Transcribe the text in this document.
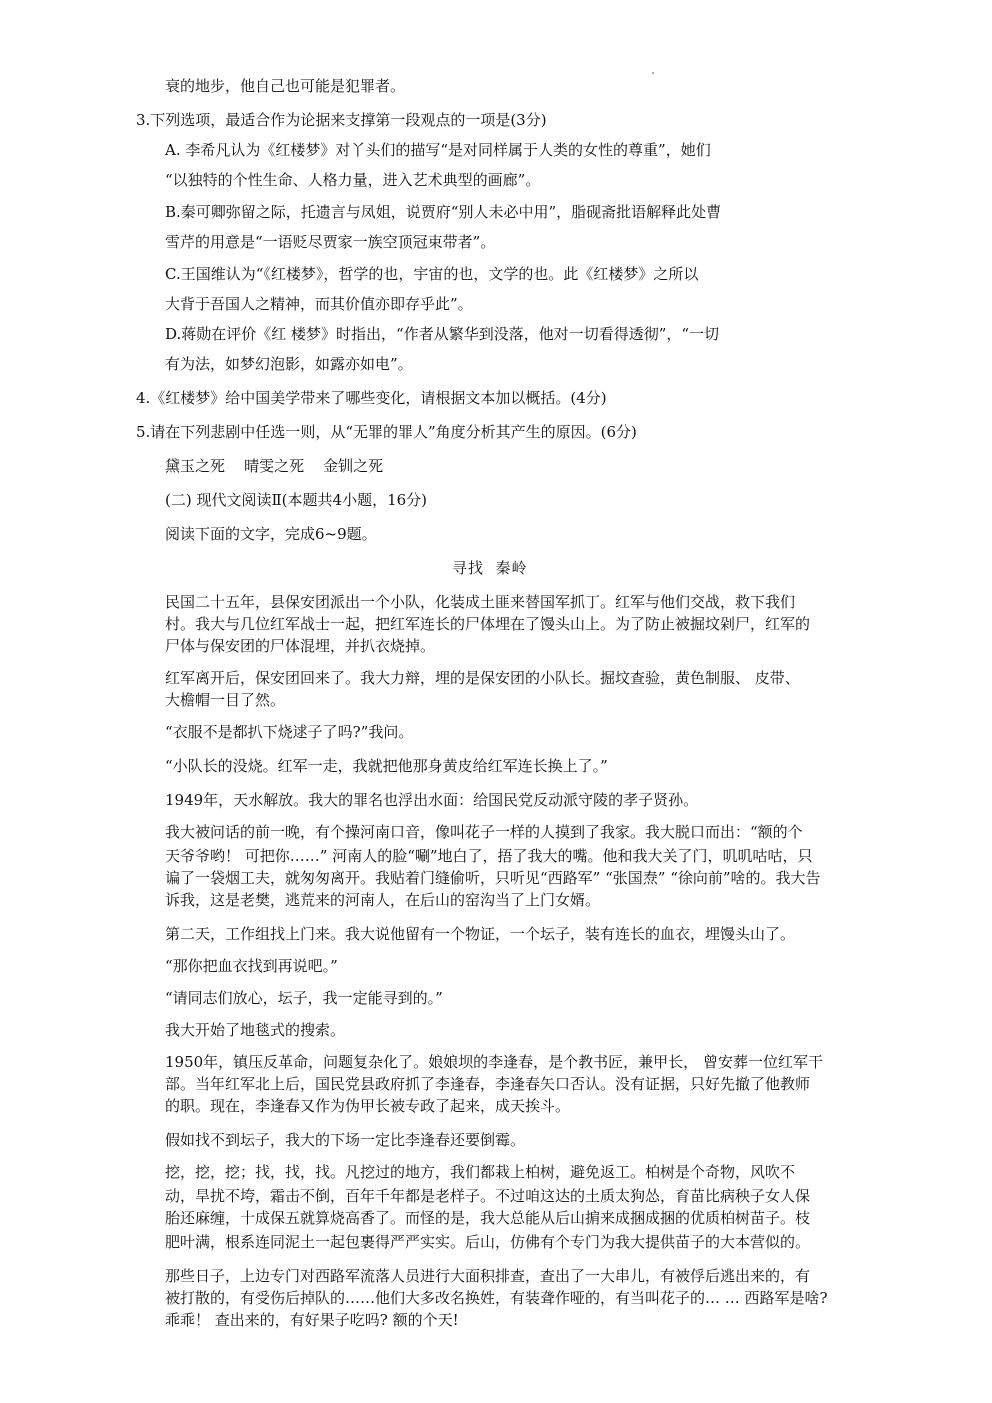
衰的地步，他自己也可能是犯罪者。
3.下列选项，最适合作为论据来支撑第一段观点的一项是(3分)
A. 李希凡认为《红楼梦》对丫头们的描写“是对同样属于人类的女性的尊重”，她们
“以独特的个性生命、人格力量，进入艺术典型的画廊”。
B.秦可卿弥留之际，托遗言与凤姐，说贾府“别人未必中用”，脂砚斋批语解释此处曹
雪芹的用意是“一语贬尽贾家一族空顶冠束带者”。
C.王国维认为“《红楼梦》，哲学的也，宇宙的也，文学的也。此《红楼梦》之所以
大背于吾国人之精神，而其价值亦即存乎此”。
D.蒋勋在评价《红 楼梦》时指出，“作者从繁华到没落，他对一切看得透彻”，“一切
有为法，如梦幻泡影，如露亦如电”。
4.《红楼梦》给中国美学带来了哪些变化，请根据文本加以概括。(4分)
5.请在下列悲剧中任选一则，从“无罪的罪人”角度分析其产生的原因。(6分)
黛玉之死    晴雯之死    金钏之死
(二) 现代文阅读Ⅱ(本题共4小题，16分)
阅读下面的文字，完成6~9题。
寻找  秦岭
民国二十五年，县保安团派出一个小队，化装成土匪来替国军抓丁。红军与他们交战，救下我们
村。我大与几位红军战士一起，把红军连长的尸体埋在了馒头山上。为了防止被掘坟剁尸，红军的
尸体与保安团的尸体混埋，并扒衣烧掉。
红军离开后，保安团回来了。我大力辩，埋的是保安团的小队长。掘坟查验，黄色制服、 皮带、
大檐帽一目了然。
“衣服不是都扒下烧逑子了吗?”我问。
“小队长的没烧。红军一走，我就把他那身黄皮给红军连长换上了。”
1949年，天水解放。我大的罪名也浮出水面：给国民党反动派守陵的孝子贤孙。
我大被问话的前一晚，有个操河南口音，像叫花子一样的人摸到了我家。我大脱口而出：“额的个
天爷爷哟！ 可把你……” 河南人的脸“唰”地白了，捂了我大的嘴。他和我大关了门，叽叽咕咕，只
谝了一袋烟工夫，就匆匆离开。我贴着门缝偷听，只听见“西路军” “张国焘” “徐向前”啥的。我大告
诉我，这是老樊，逃荒来的河南人，在后山的窑沟当了上门女婿。
第二天，工作组找上门来。我大说他留有一个物证，一个坛子，装有连长的血衣，埋馒头山了。
“那你把血衣找到再说吧。”
“请同志们放心，坛子，我一定能寻到的。”
我大开始了地毯式的搜索。
1950年，镇压反革命，问题复杂化了。娘娘坝的李逢春，是个教书匠，兼甲长， 曾安葬一位红军干
部。当年红军北上后，国民党县政府抓了李逢春，李逢春矢口否认。没有证据，只好先撤了他教师
的职。现在，李逢春又作为伪甲长被专政了起来，成天挨斗。
假如找不到坛子，我大的下场一定比李逢春还要倒霉。
挖，挖，挖；找，找，找。凡挖过的地方，我们都栽上柏树，避免返工。柏树是个奇物，风吹不
动，旱扰不垮，霜击不倒，百年千年都是老样子。不过咱这达的土质太狗怂，育苗比病秧子女人保
胎还麻缠，十成保五就算烧高香了。而怪的是，我大总能从后山掮来成捆成捆的优质柏树苗子。枝
肥叶满，根系连同泥土一起包裹得严严实实。后山，仿佛有个专门为我大提供苗子的大本营似的。
那些日子，上边专门对西路军流落人员进行大面积排查，查出了一大串儿，有被俘后逃出来的，有
被打散的，有受伤后掉队的……他们大多改名换姓，有装聋作哑的，有当叫花子的… … 西路军是啥?
乖乖！ 查出来的，有好果子吃吗? 额的个天!
